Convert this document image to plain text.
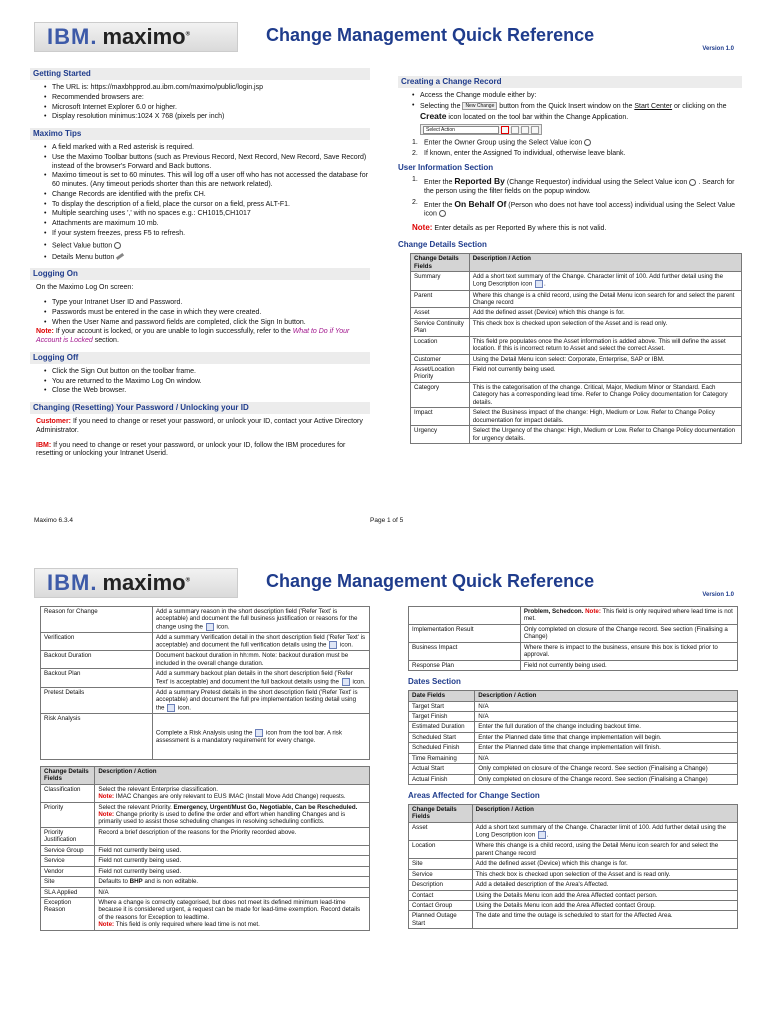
IBM. maximo®	Change Management Quick Reference
Version 1.0
Getting Started
• The URL is: https://maxbhpprod.au.ibm.com/maximo/public/login.jsp
• Recommended browsers are:
• Microsoft Internet Explorer 6.0 or higher.
• Display resolution minimus:1024 X 768 (pixels per inch)
Maximo Tips
• A field marked with a Red asterisk is required.
• Use the Maximo Toolbar buttons (such as Previous Record, Next Record, New Record, Save Record) instead of the browser's Forward and Back buttons.
• Maximo timeout is set to 60 minutes. This will log off a user off who has not accessed the database for 60 minutes. (Any timeout periods shorter than this are network related).
• Change Records are identified with the prefix CH.
• To display the description of a field, place the cursor on a field, press ALT-F1.
• Multiple searching uses ',' with no spaces e.g.: CH1015,CH1017
• Attachments are maximum 10 mb.
• If your system freezes, press F5 to refresh.
• Select Value button
• Details Menu button
Logging On
On the Maximo Log On screen:
• Type your Intranet User ID and Password.
• Passwords must be entered in the case in which they were created.
• When the User Name and password fields are completed, click the Sign In button.
Note: If your account is locked, or you are unable to login successfully, refer to the What to Do if Your Account is Locked section.
Logging Off
• Click the Sign Out button on the toolbar frame.
• You are returned to the Maximo Log On window.
• Close the Web browser.
Changing (Resetting) Your Password / Unlocking your ID
Customer: If you need to change or reset your password, or unlock your ID, contact your Active Directory Administrator.
IBM: If you need to change or reset your password, or unlock your ID, follow the IBM procedures for resetting or unlocking your Intranet Userid.
Creating a Change Record
• Access the Change module either by:
• Selecting the New Change button from the Quick Insert window on the Start Center or clicking on the Create icon located on the tool bar within the Change Application.
Select Action
1. Enter the Owner Group using the Select Value icon
2. If known, enter the Assigned To individual, otherwise leave blank.
User Information Section
1. Enter the Reported By (Change Requestor) individual using the Select Value icon . Search for the person using the filter fields on the popup window.
2. Enter the On Behalf Of (Person who does not have tool access) individual using the Select Value icon
Note: Enter details as per Reported By where this is not valid.
Change Details Section
Change Details Fields	Description / Action
Summary	Add a short text summary of the Change. Character limit of 100. Add further detail using the Long Description icon .
Parent	Where this change is a child record, using the Detail Menu icon search for and select the parent Change record
Asset	Add the defined asset (Device) which this change is for.
Service Continuity Plan	This check box is checked upon selection of the Asset and is read only.
Location	This field pre populates once the Asset information is added above. This will define the asset location. If this is incorrect return to Asset and select the correct Asset.
Customer	Using the Detail Menu icon select: Corporate, Enterprise, SAP or IBM.
Asset/Location Priority	Field not currently being used.
Category	This is the categorisation of the change. Critical, Major, Medium Minor or Standard. Each Category has a corresponding lead time. Refer to Change Policy documentation for Category details.
Impact	Select the Business impact of the change: High, Medium or Low. Refer to Change Policy documentation for impact details.
Urgency	Select the Urgency of the change: High, Medium or Low. Refer to Change Policy documentation for urgency details.
Maximo 6.3.4	Page 1 of 5
IBM. maximo®	Change Management Quick Reference
Version 1.0
Reason for Change	Add a summary reason in the short description field ('Refer Text' is acceptable) and document the full business justification or reasons for the change using the icon.
Verification	Add a summary Verification detail in the short description field ('Refer Text' is acceptable) and document the full verification details using the icon.
Backout Duration	Document backout duration in hh:mm. Note: backout duration must be included in the overall change duration.
Backout Plan	Add a summary backout plan details in the short description field ('Refer Text' is acceptable) and document the full backout details using the icon.
Pretest Details	Add a summary Pretest details in the short description field ('Refer Text' is acceptable) and document the full pre implementation testing detail using the icon.
Risk Analysis	Complete a Risk Analysis using the icon from the tool bar. A risk assessment is a mandatory requirement for every change.
Change Details Fields	Description / Action
Classification	Select the relevant Enterprise classification.
Note: IMAC Changes are only relevant to EUS IMAC (Install Move Add Change) requests.
Priority	Select the relevant Priority. Emergency, Urgent/Must Go, Negotiable, Can be Rescheduled.
Note: Change priority is used to define the order and effort when handling Changes and is primarily used to assist those scheduling changes in resolving scheduling conflicts.
Priority Justification	Record a brief description of the reasons for the Priority recorded above.
Service Group	Field not currently being used.
Service	Field not currently being used.
Vendor	Field not currently being used.
Site	Defaults to BHP and is non editable.
SLA Applied	N/A
Exception Reason	Where a change is correctly categorised, but does not meet its defined minimum lead-time because it is considered urgent, a request can be made for lead-time exemption. Record details of the reasons for Exception to leadtime.
Note: This field is only required where lead time is not met.
	Problem, Schedcon. Note: This field is only required where lead time is not met.
Implementation Result	Only completed on closure of the Change record. See section (Finalising a Change)
Business Impact	Where there is impact to the business, ensure this box is ticked prior to approval.
Response Plan	Field not currently being used.
Dates Section
Date Fields	Description / Action
Target Start	N/A
Target Finish	N/A
Estimated Duration	Enter the full duration of the change including backout time.
Scheduled Start	Enter the Planned date time that change implementation will begin.
Scheduled Finish	Enter the Planned date time that change implementation will finish.
Time Remaining	N/A
Actual Start	Only completed on closure of the Change record. See section (Finalising a Change)
Actual Finish	Only completed on closure of the Change record. See section (Finalising a Change)
Areas Affected for Change Section
Change Details Fields	Description / Action
Asset	Add a short text summary of the Change. Character limit of 100. Add further detail using the Long Description icon .
Location	Where this change is a child record, using the Detail Menu icon search for and select the parent Change record
Site	Add the defined asset (Device) which this change is for.
Service	This check box is checked upon selection of the Asset and is read only.
Description	Add a detailed description of the Area's Affected.
Contact	Using the Details Menu icon add the Area Affected contact person.
Contact Group	Using the Details Menu icon add the Area Affected contact Group.
Planned Outage Start	The date and time the outage is scheduled to start for the Affected Area.
